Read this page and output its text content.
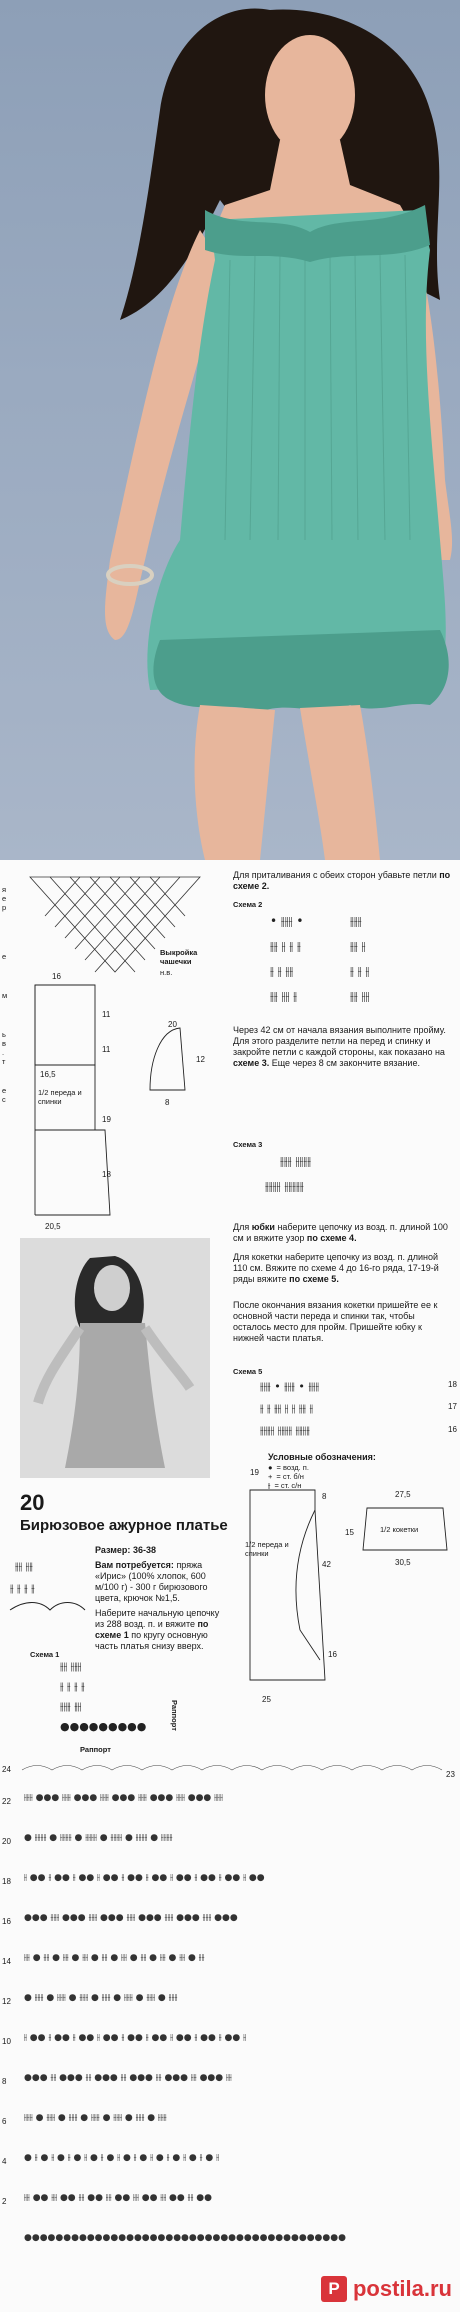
я
е
р
е
м
ь
в
.
т
е
с
Выкройка чашечки
н.в.
16
11
11
16,5
1/2 переда и спинки
19
18
20,5
20
12
8
Для приталивания с обеих сторон убавьте петли по схеме 2.
Схема 2
• ⫲⫲⫲ •	⫲⫲⫲
⫲⫲ ⫲ ⫲ ⫲	⫲⫲ ⫲
⫲ ⫲ ⫲⫲	⫲ ⫲ ⫲
⫲⫲ ⫲⫲ ⫲	⫲⫲ ⫲⫲
Через 42 см от начала вязания выполните пройму. Для этого разделите петли на перед и спинку и закройте петли с каждой стороны, как показано на схеме 3. Еще через 8 см закончите вязание.
Схема 3
⫲⫲⫲ ⫲⫲⫲⫲
⫲⫲⫲⫲ ⫲⫲⫲⫲⫲
Для юбки наберите цепочку из возд. п. длиной 100 см и вяжите узор по схеме 4.
Для кокетки наберите цепочку из возд. п. длиной 110 см. Вяжите по схеме 4 до 16-го ряда, 17-19-й ряды вяжите по схеме 5.
После окончания вязания кокетки пришейте ее к основной части переда и спинки так, чтобы осталось место для пройм. Пришейте юбку к нижней части платья.
Схема 5
⫲⫲⫲ • ⫲⫲⫲ • ⫲⫲⫲
⫲ ⫲ ⫲⫲ ⫲ ⫲ ⫲⫲ ⫲
⫲⫲⫲⫲ ⫲⫲⫲⫲ ⫲⫲⫲⫲
18
17
16
Условные обозначения:
● = возд. п.
+ = ст. б/н
⫲ = ст. с/н
20
Бирюзовое ажурное платье
Размер: 36-38
Вам потребуется: пряжа «Ирис» (100% хлопок, 600 м/100 г) - 300 г бирюзового цвета, крючок №1,5.
Наберите начальную цепочку из 288 возд. п. и вяжите по схеме 1 по кругу основную часть платья снизу вверх.
⫲⫲ ⫲⫲
⫲ ⫲ ⫲ ⫲
Схема 1
⫲⫲ ⫲⫲⫲
⫲ ⫲ ⫲ ⫲
⫲⫲⫲ ⫲⫲
●●●●●●●●●	Раппорт
Раппорт
19
8
1/2 переда и спинки
42
16
25
27,5
15	1/2 кокетки
30,5
⫲⫲⫲ ●●● ⫲⫲⫲ ●●● ⫲⫲⫲ ●●● ⫲⫲⫲ ●●● ⫲⫲⫲ ●●● ⫲⫲⫲
● ⫲⫲⫲⫲ ● ⫲⫲⫲⫲ ● ⫲⫲⫲⫲ ● ⫲⫲⫲⫲ ● ⫲⫲⫲⫲ ● ⫲⫲⫲⫲
⫲ ●● ⫲ ●● ⫲ ●● ⫲ ●● ⫲ ●● ⫲ ●● ⫲ ●● ⫲ ●● ⫲ ●● ⫲ ●●
●●● ⫲⫲⫲ ●●● ⫲⫲⫲ ●●● ⫲⫲⫲ ●●● ⫲⫲⫲ ●●● ⫲⫲⫲ ●●●
⫲⫲ ● ⫲⫲ ● ⫲⫲ ● ⫲⫲ ● ⫲⫲ ● ⫲⫲ ● ⫲⫲ ● ⫲⫲ ● ⫲⫲ ● ⫲⫲
● ⫲⫲⫲ ● ⫲⫲⫲ ● ⫲⫲⫲ ● ⫲⫲⫲ ● ⫲⫲⫲ ● ⫲⫲⫲ ● ⫲⫲⫲
⫲ ●● ⫲ ●● ⫲ ●● ⫲ ●● ⫲ ●● ⫲ ●● ⫲ ●● ⫲ ●● ⫲ ●● ⫲
●●● ⫲⫲ ●●● ⫲⫲ ●●● ⫲⫲ ●●● ⫲⫲ ●●● ⫲⫲ ●●● ⫲⫲
⫲⫲⫲ ● ⫲⫲⫲ ● ⫲⫲⫲ ● ⫲⫲⫲ ● ⫲⫲⫲ ● ⫲⫲⫲ ● ⫲⫲⫲
● ⫲ ● ⫲ ● ⫲ ● ⫲ ● ⫲ ● ⫲ ● ⫲ ● ⫲ ● ⫲ ● ⫲ ● ⫲ ● ⫲
⫲⫲ ●● ⫲⫲ ●● ⫲⫲ ●● ⫲⫲ ●● ⫲⫲ ●● ⫲⫲ ●● ⫲⫲ ●●
●●●●●●●●●●●●●●●●●●●●●●●●●●●●●●●●●●●●●●●●●
24
23
22
20
18
16
14
12
10
8
6
4
2
P postila.ru
